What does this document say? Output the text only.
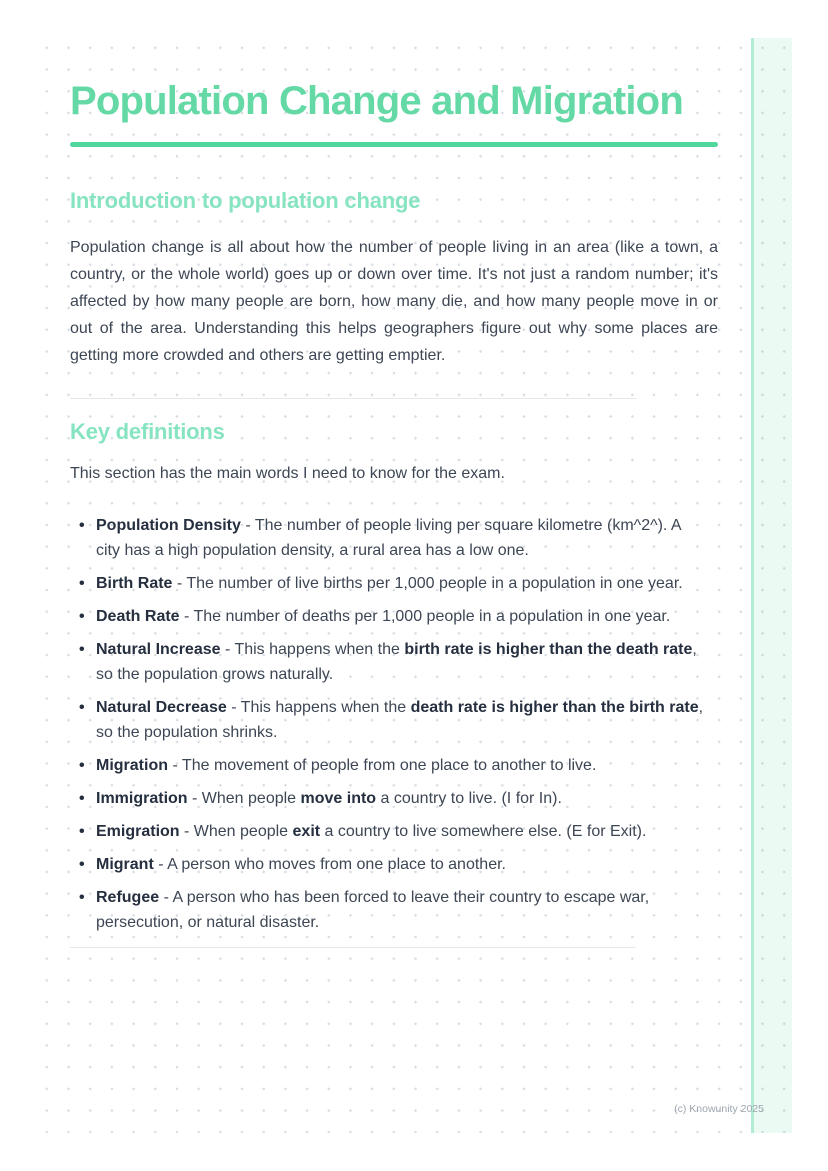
Population Change and Migration
Introduction to population change

Population change is all about how the number of people living in an area (like a town, a country, or the whole world) goes up or down over time. It's not just a random number; it's affected by how many people are born, how many die, and how many people move in or out of the area. Understanding this helps geographers figure out why some places are getting more crowded and others are getting emptier.

Key definitions

This section has the main words I need to know for the exam.

• Population Density - The number of people living per square kilometre (km^2^). A city has a high population density, a rural area has a low one.
• Birth Rate - The number of live births per 1,000 people in a population in one year.
• Death Rate - The number of deaths per 1,000 people in a population in one year.
• Natural Increase - This happens when the birth rate is higher than the death rate, so the population grows naturally.
• Natural Decrease - This happens when the death rate is higher than the birth rate, so the population shrinks.
• Migration - The movement of people from one place to another to live.
• Immigration - When people move into a country to live. (I for In).
• Emigration - When people exit a country to live somewhere else. (E for Exit).
• Migrant - A person who moves from one place to another.
• Refugee - A person who has been forced to leave their country to escape war, persecution, or natural disaster.
(c) Knowunity 2025
